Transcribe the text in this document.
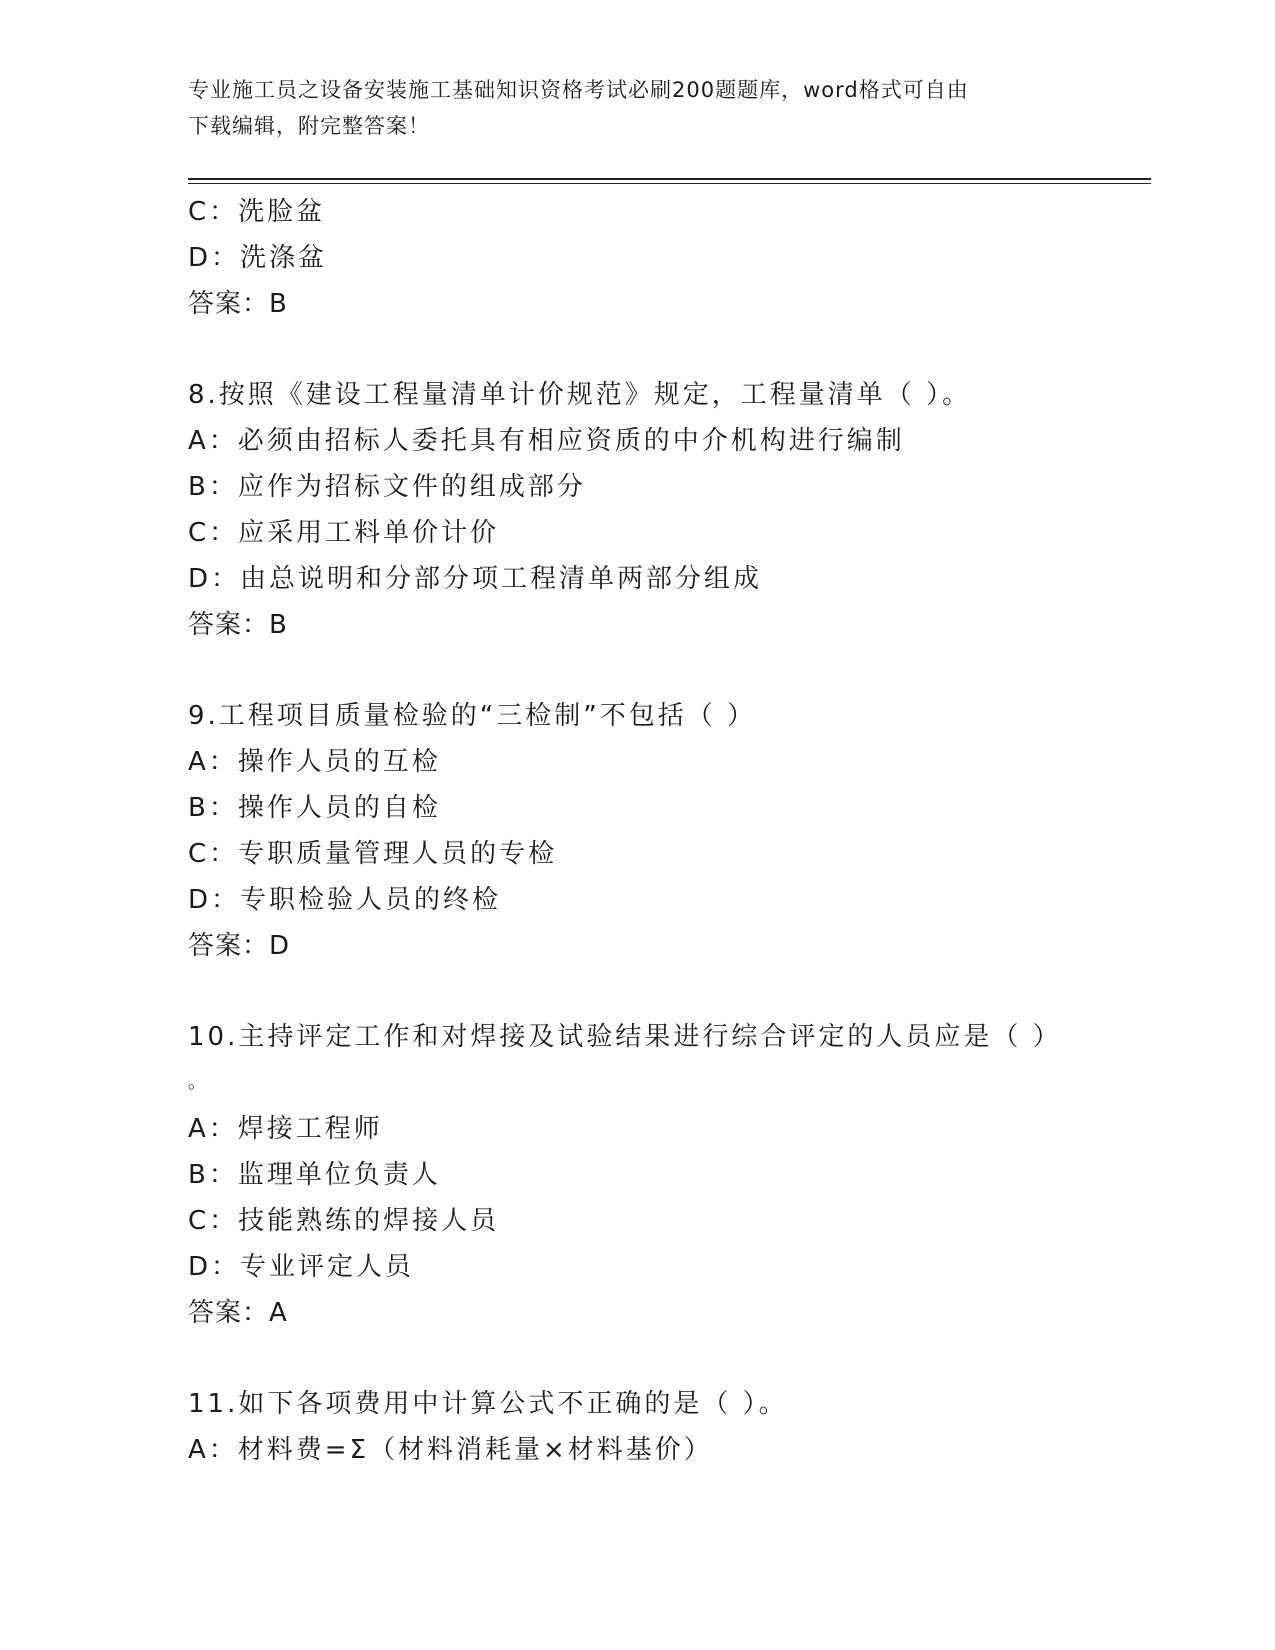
专业施工员之设备安装施工基础知识资格考试必刷200题题库，word格式可自由
下载编辑，附完整答案！
C：洗脸盆
D：洗涤盆
答案：B
8.按照《建设工程量清单计价规范》规定，工程量清单（ ）。
A：必须由招标人委托具有相应资质的中介机构进行编制
B：应作为招标文件的组成部分
C：应采用工料单价计价
D：由总说明和分部分项工程清单两部分组成
答案：B
9.工程项目质量检验的“三检制”不包括（ ）
A：操作人员的互检
B：操作人员的自检
C：专职质量管理人员的专检
D：专职检验人员的终检
答案：D
10.主持评定工作和对焊接及试验结果进行综合评定的人员应是（ ）
。
A：焊接工程师
B：监理单位负责人
C：技能熟练的焊接人员
D：专业评定人员
答案：A
11.如下各项费用中计算公式不正确的是（ ）。
A：材料费=Σ（材料消耗量×材料基价）
